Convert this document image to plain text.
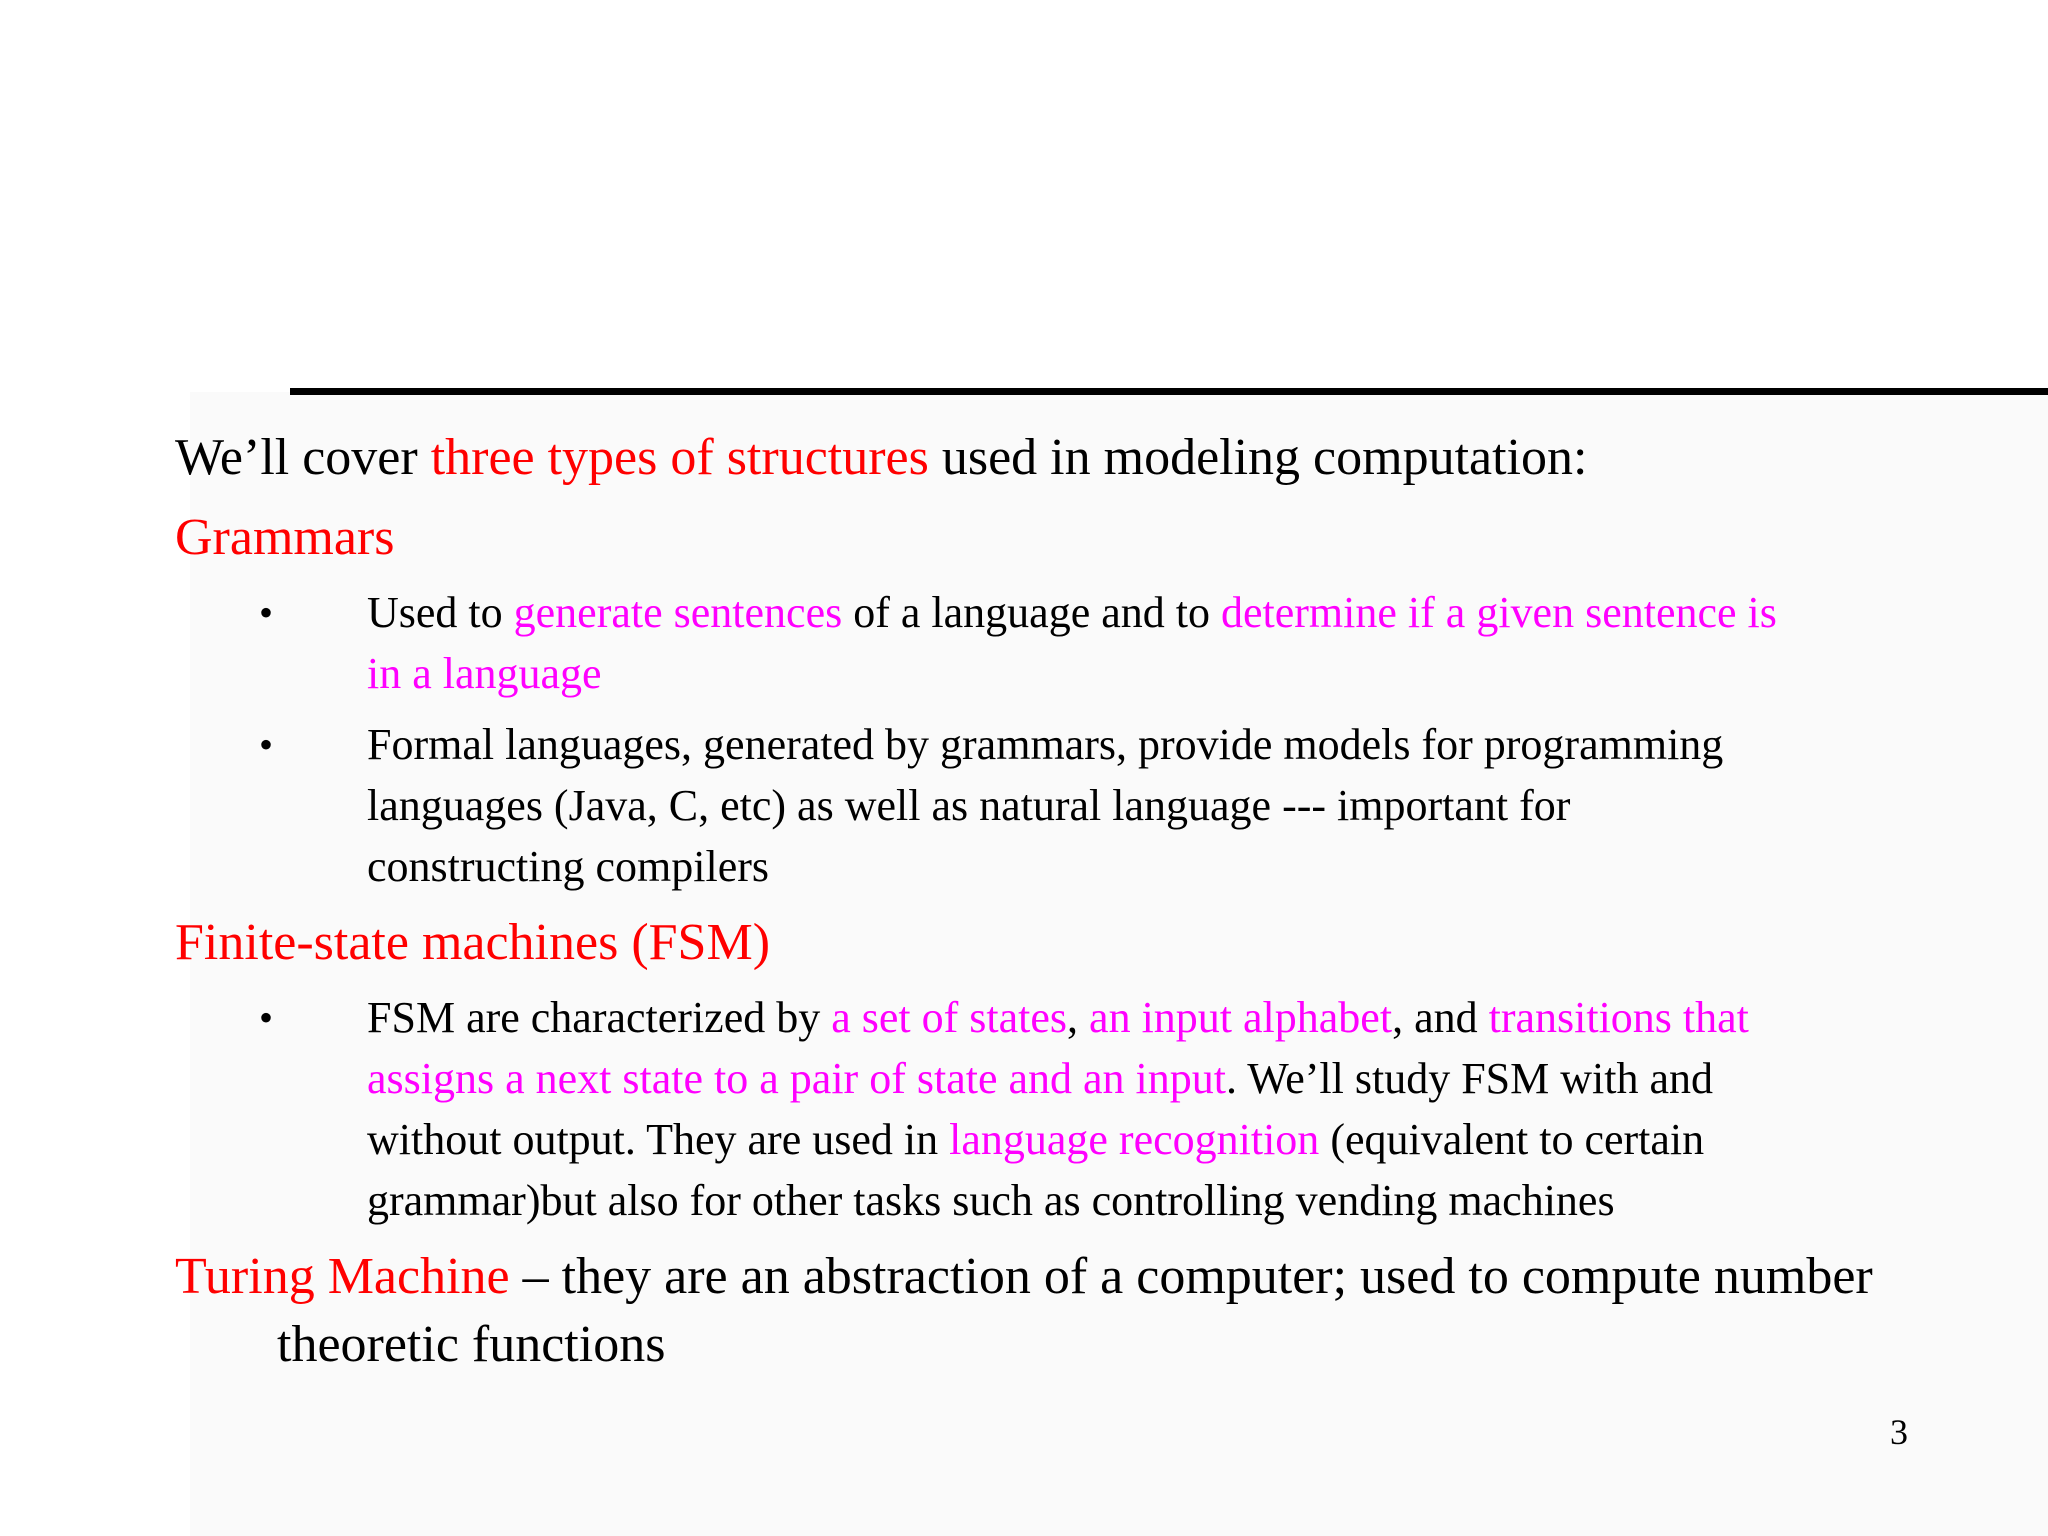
We’ll cover three types of structures used in modeling computation:

Grammars

• Used to generate sentences of a language and to determine if a given sentence is in a language
• Formal languages, generated by grammars, provide models for programming languages (Java, C, etc) as well as natural language --- important for constructing compilers

Finite-state machines (FSM)

• FSM are characterized by a set of states, an input alphabet, and transitions that assigns a next state to a pair of state and an input. We’ll study FSM with and without output. They are used in language recognition (equivalent to certain grammar)but also for other tasks such as controlling vending machines

Turing Machine – they are an abstraction of a computer; used to compute number theoretic functions

3
